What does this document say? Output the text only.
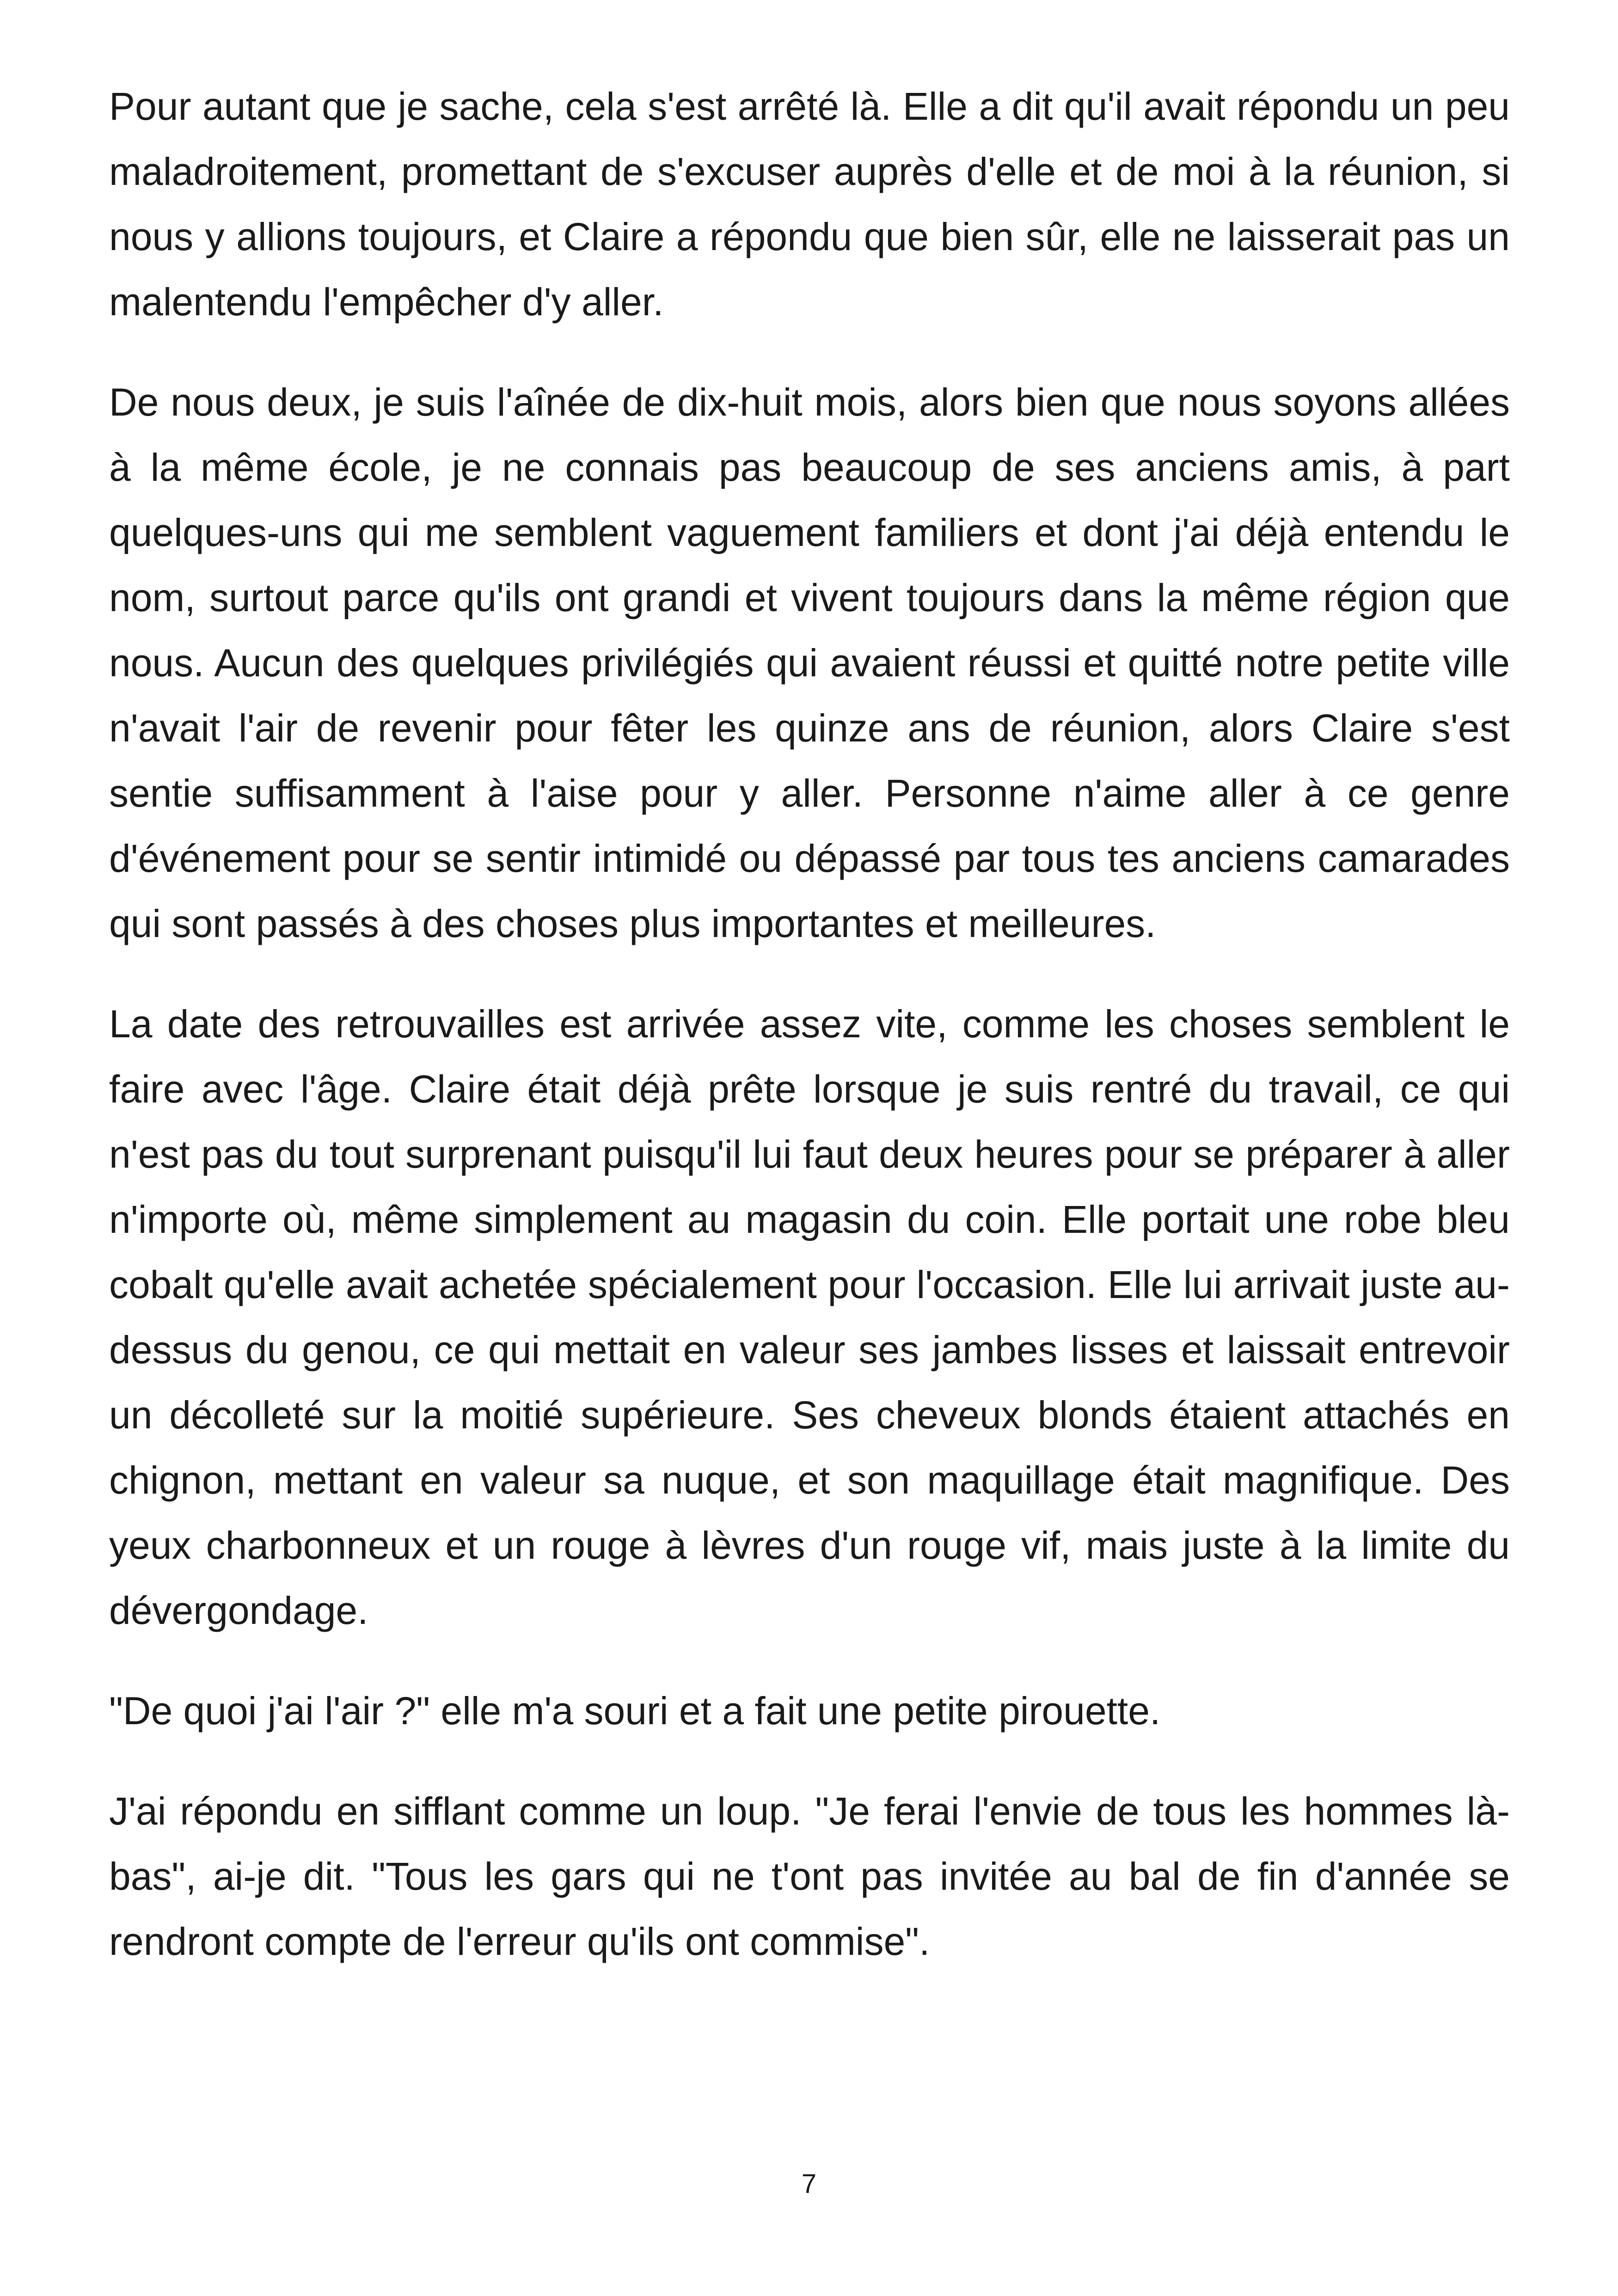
Pour autant que je sache, cela s'est arrêté là. Elle a dit qu'il avait répondu un peu maladroitement, promettant de s'excuser auprès d'elle et de moi à la réunion, si nous y allions toujours, et Claire a répondu que bien sûr, elle ne laisserait pas un malentendu l'empêcher d'y aller.

De nous deux, je suis l'aînée de dix-huit mois, alors bien que nous soyons allées à la même école, je ne connais pas beaucoup de ses anciens amis, à part quelques-uns qui me semblent vaguement familiers et dont j'ai déjà entendu le nom, surtout parce qu'ils ont grandi et vivent toujours dans la même région que nous. Aucun des quelques privilégiés qui avaient réussi et quitté notre petite ville n'avait l'air de revenir pour fêter les quinze ans de réunion, alors Claire s'est sentie suffisamment à l'aise pour y aller. Personne n'aime aller à ce genre d'événement pour se sentir intimidé ou dépassé par tous tes anciens camarades qui sont passés à des choses plus importantes et meilleures.

La date des retrouvailles est arrivée assez vite, comme les choses semblent le faire avec l'âge. Claire était déjà prête lorsque je suis rentré du travail, ce qui n'est pas du tout surprenant puisqu'il lui faut deux heures pour se préparer à aller n'importe où, même simplement au magasin du coin. Elle portait une robe bleu cobalt qu'elle avait achetée spécialement pour l'occasion. Elle lui arrivait juste au-dessus du genou, ce qui mettait en valeur ses jambes lisses et laissait entrevoir un décolleté sur la moitié supérieure. Ses cheveux blonds étaient attachés en chignon, mettant en valeur sa nuque, et son maquillage était magnifique. Des yeux charbonneux et un rouge à lèvres d'un rouge vif, mais juste à la limite du dévergondage.

"De quoi j'ai l'air ?" elle m'a souri et a fait une petite pirouette.

J'ai répondu en sifflant comme un loup. "Je ferai l'envie de tous les hommes là-bas", ai-je dit. "Tous les gars qui ne t'ont pas invitée au bal de fin d'année se rendront compte de l'erreur qu'ils ont commise".

7
